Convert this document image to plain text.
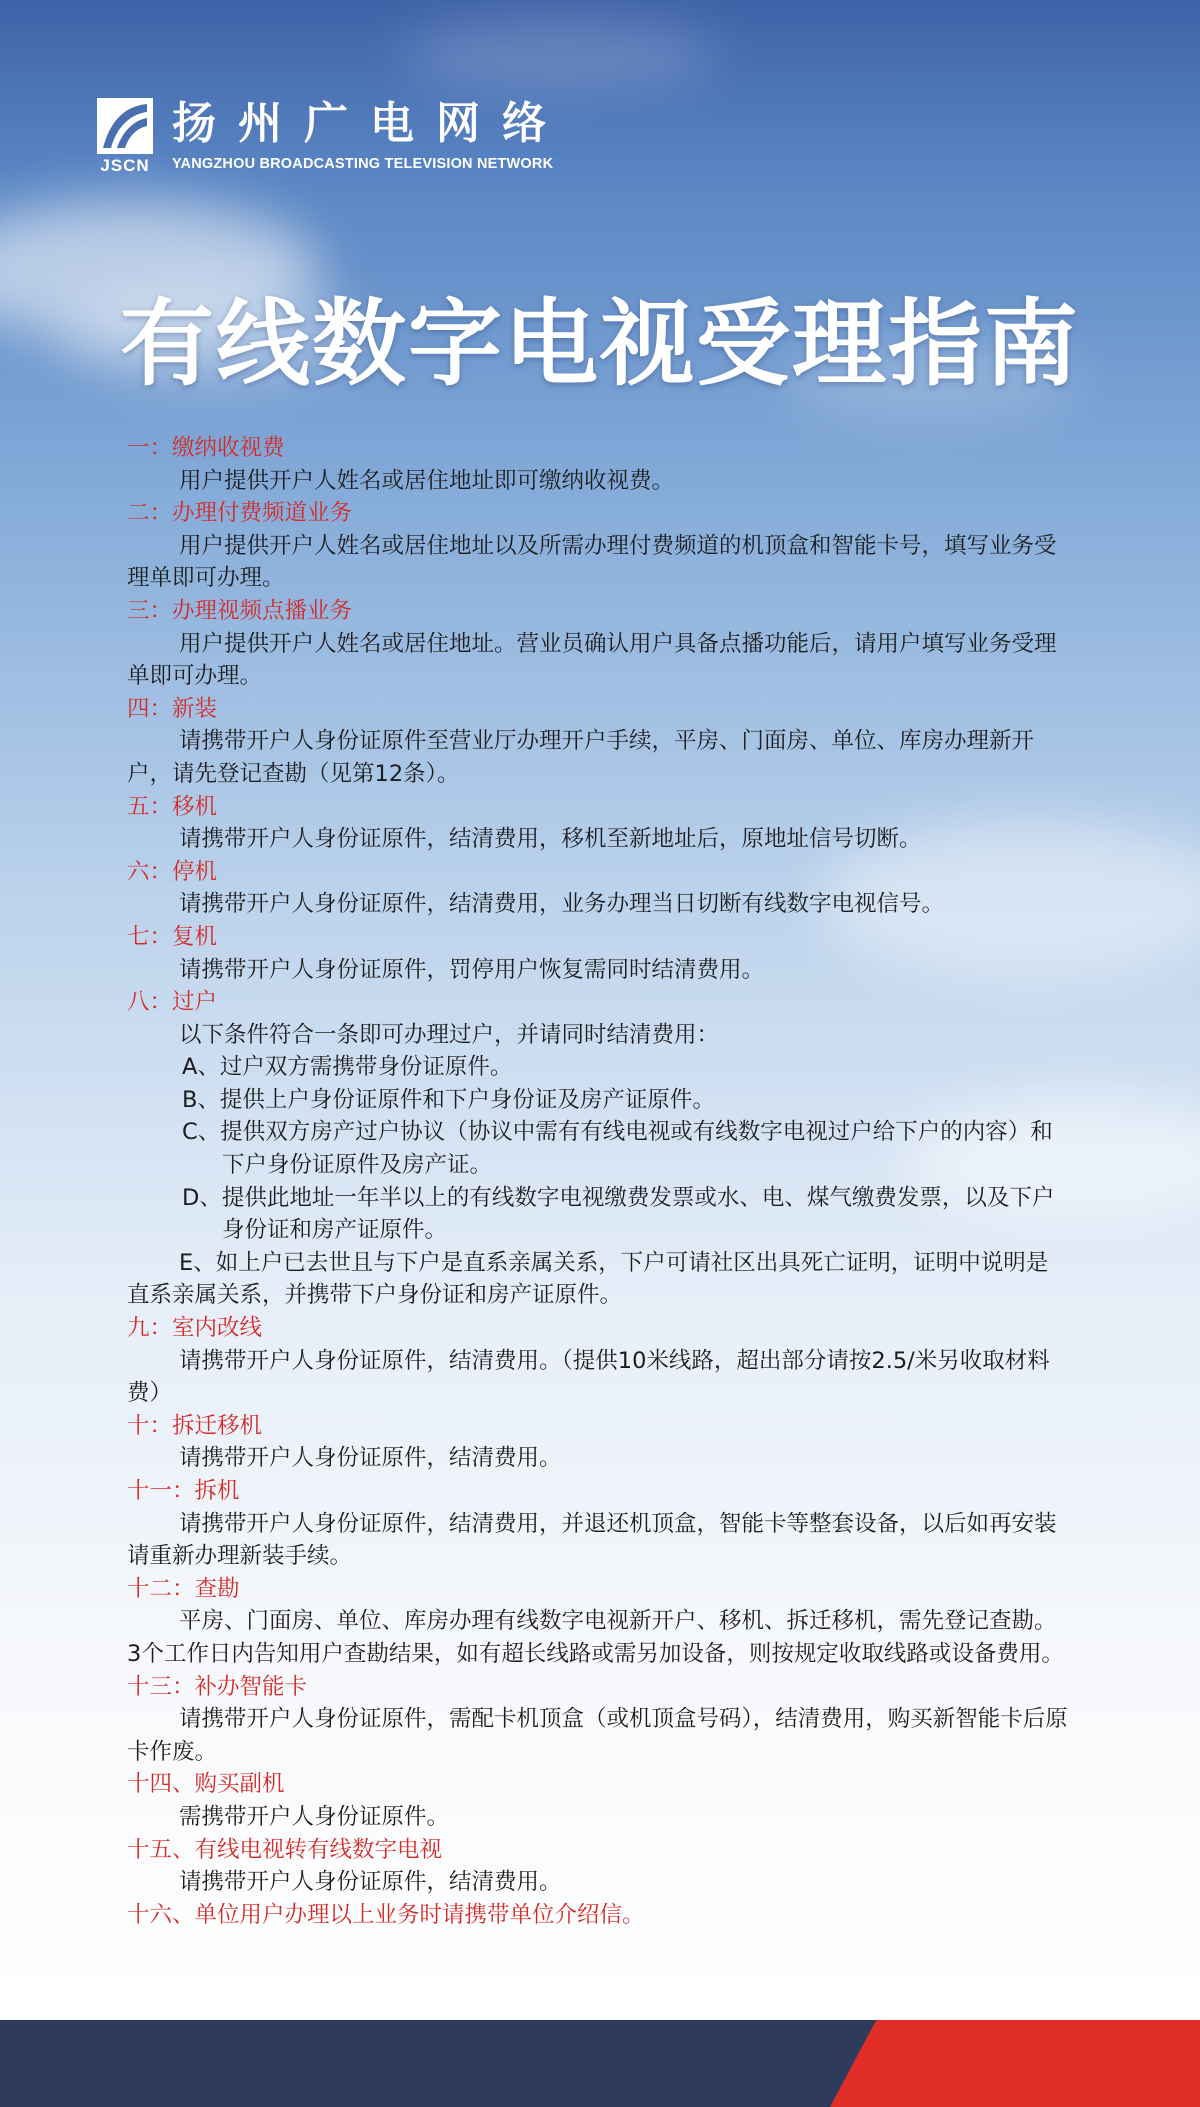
JSCN
扬州广电网络
YANGZHOU BROADCASTING TELEVISION NETWORK
有线数字电视受理指南
一：缴纳收视费
用户提供开户人姓名或居住地址即可缴纳收视费。
二：办理付费频道业务
用户提供开户人姓名或居住地址以及所需办理付费频道的机顶盒和智能卡号，填写业务受理单即可办理。
三：办理视频点播业务
用户提供开户人姓名或居住地址。营业员确认用户具备点播功能后，请用户填写业务受理单即可办理。
四：新装
请携带开户人身份证原件至营业厅办理开户手续，平房、门面房、单位、库房办理新开户，请先登记查勘（见第12条）。
五：移机
请携带开户人身份证原件，结清费用，移机至新地址后，原地址信号切断。
六：停机
请携带开户人身份证原件，结清费用，业务办理当日切断有线数字电视信号。
七：复机
请携带开户人身份证原件，罚停用户恢复需同时结清费用。
八：过户
以下条件符合一条即可办理过户，并请同时结清费用：
A、过户双方需携带身份证原件。
B、提供上户身份证原件和下户身份证及房产证原件。
C、提供双方房产过户协议（协议中需有有线电视或有线数字电视过户给下户的内容）和下户身份证原件及房产证。
D、提供此地址一年半以上的有线数字电视缴费发票或水、电、煤气缴费发票，以及下户身份证和房产证原件。
E、如上户已去世且与下户是直系亲属关系，下户可请社区出具死亡证明，证明中说明是直系亲属关系，并携带下户身份证和房产证原件。
九：室内改线
请携带开户人身份证原件，结清费用。（提供10米线路，超出部分请按2.5/米另收取材料费）
十：拆迁移机
请携带开户人身份证原件，结清费用。
十一：拆机
请携带开户人身份证原件，结清费用，并退还机顶盒，智能卡等整套设备，以后如再安装请重新办理新装手续。
十二：查勘
平房、门面房、单位、库房办理有线数字电视新开户、移机、拆迁移机，需先登记查勘。3个工作日内告知用户查勘结果，如有超长线路或需另加设备，则按规定收取线路或设备费用。
十三：补办智能卡
请携带开户人身份证原件，需配卡机顶盒（或机顶盒号码），结清费用，购买新智能卡后原卡作废。
十四、购买副机
需携带开户人身份证原件。
十五、有线电视转有线数字电视
请携带开户人身份证原件，结清费用。
十六、单位用户办理以上业务时请携带单位介绍信。
